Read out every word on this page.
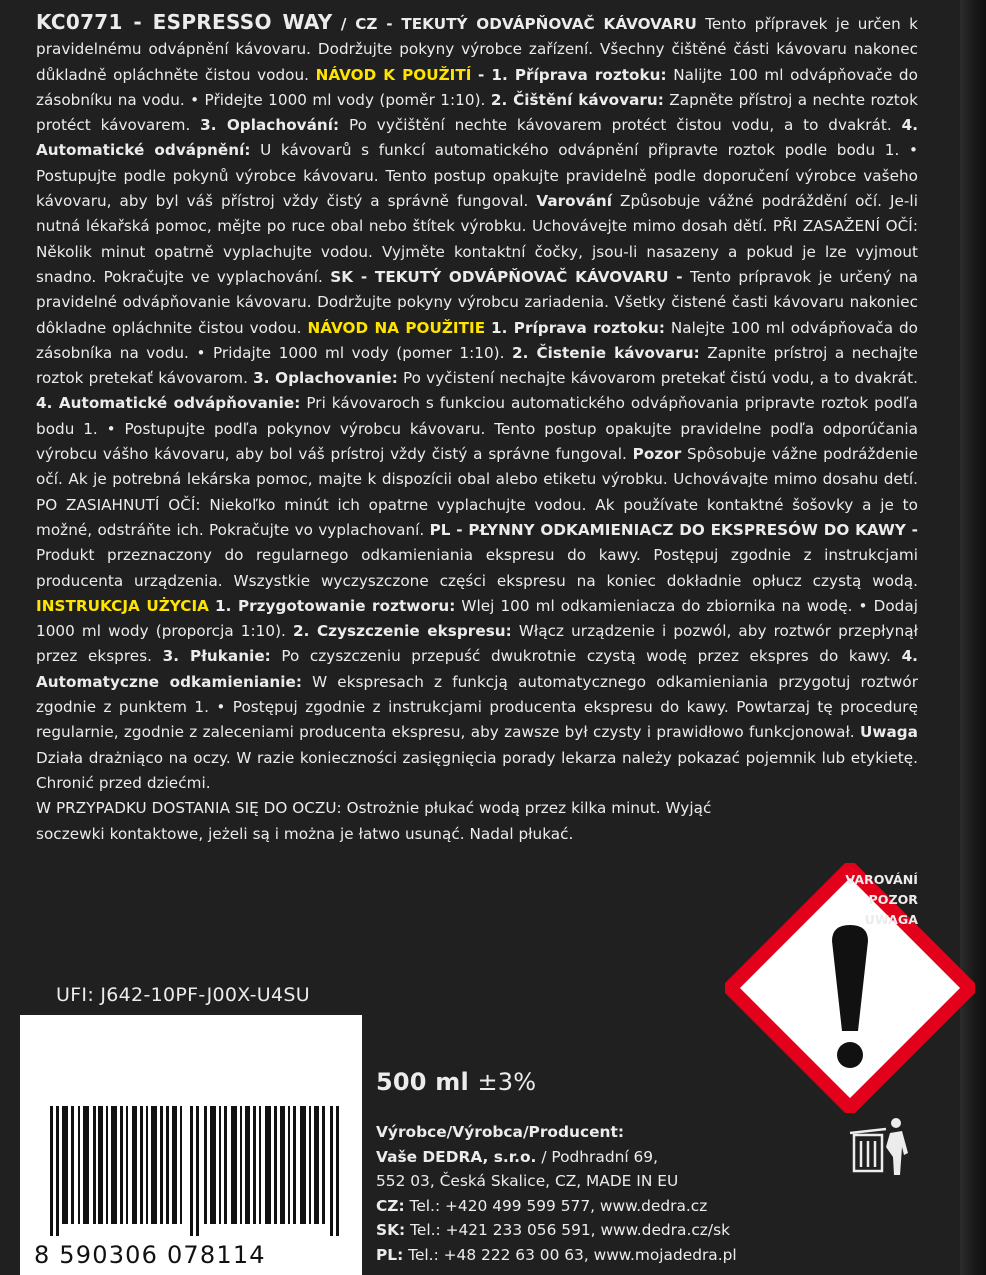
KC0771 - ESPRESSO WAY / CZ - TEKUTÝ ODVÁPŇOVAČ KÁVOVARU Tento přípravek je určen k pravidelnému odvápnění kávovaru. Dodržujte pokyny výrobce zařízení. Všechny čištěné části kávovaru nakonec důkladně opláchněte čistou vodou. NÁVOD K POUŽITÍ - 1. Příprava roztoku: Nalijte 100 ml odvápňovače do zásobníku na vodu. • Přidejte 1000 ml vody (poměr 1:10). 2. Čištění kávovaru: Zapněte přístroj a nechte roztok protéct kávovarem. 3. Oplachování: Po vyčištění nechte kávovarem protéct čistou vodu, a to dvakrát. 4. Automatické odvápnění: U kávovarů s funkcí automatického odvápnění připravte roztok podle bodu 1. • Postupujte podle pokynů výrobce kávovaru. Tento postup opakujte pravidelně podle doporučení výrobce vašeho kávovaru, aby byl váš přístroj vždy čistý a správně fungoval. Varování Způsobuje vážné podráždění očí. Je-li nutná lékařská pomoc, mějte po ruce obal nebo štítek výrobku. Uchovávejte mimo dosah dětí. PŘI ZASAŽENÍ OČÍ: Několik minut opatrně vyplachujte vodou. Vyjměte kontaktní čočky, jsou-li nasazeny a pokud je lze vyjmout snadno. Pokračujte ve vyplachování. SK - TEKUTÝ ODVÁPŇOVAČ KÁVOVARU - Tento prípravok je určený na pravidelné odvápňovanie kávovaru. Dodržujte pokyny výrobcu zariadenia. Všetky čistené časti kávovaru nakoniec dôkladne opláchnite čistou vodou. NÁVOD NA POUŽITIE 1. Príprava roztoku: Nalejte 100 ml odvápňovača do zásobníka na vodu. • Pridajte 1000 ml vody (pomer 1:10). 2. Čistenie kávovaru: Zapnite prístroj a nechajte roztok pretekať kávovarom. 3. Oplachovanie: Po vyčistení nechajte kávovarom pretekať čistú vodu, a to dvakrát. 4. Automatické odvápňovanie: Pri kávovaroch s funkciou automatického odvápňovania pripravte roztok podľa bodu 1. • Postupujte podľa pokynov výrobcu kávovaru. Tento postup opakujte pravidelne podľa odporúčania výrobcu vášho kávovaru, aby bol váš prístroj vždy čistý a správne fungoval. Pozor Spôsobuje vážne podráždenie očí. Ak je potrebná lekárska pomoc, majte k dispozícii obal alebo etiketu výrobku. Uchovávajte mimo dosahu detí. PO ZASIAHNUTÍ OČÍ: Niekoľko minút ich opatrne vyplachujte vodou. Ak používate kontaktné šošovky a je to možné, odstráňte ich. Pokračujte vo vyplachovaní. PL - PŁYNNY ODKAMIENIACZ DO EKSPRESÓW DO KAWY - Produkt przeznaczony do regularnego odkamieniania ekspresu do kawy. Postępuj zgodnie z instrukcjami producenta urządzenia. Wszystkie wyczyszczone części ekspresu na koniec dokładnie opłucz czystą wodą. INSTRUKCJA UŻYCIA 1. Przygotowanie roztworu: Wlej 100 ml odkamieniacza do zbiornika na wodę. • Dodaj 1000 ml wody (proporcja 1:10). 2. Czyszczenie ekspresu: Włącz urządzenie i pozwól, aby roztwór przepłynął przez ekspres. 3. Płukanie: Po czyszczeniu przepuść dwukrotnie czystą wodę przez ekspres do kawy. 4. Automatyczne odkamienianie: W ekspresach z funkcją automatycznego odkamieniania przygotuj roztwór zgodnie z punktem 1. • Postępuj zgodnie z instrukcjami producenta ekspresu do kawy. Powtarzaj tę procedurę regularnie, zgodnie z zaleceniami producenta ekspresu, aby zawsze był czysty i prawidłowo funkcjonował. Uwaga Działa drażniąco na oczy. W razie konieczności zasięgnięcia porady lekarza należy pokazać pojemnik lub etykietę. Chronić przed dziećmi.

W PRZYPADKU DOSTANIA SIĘ DO OCZU: Ostrożnie płukać wodą przez kilka minut. Wyjąć soczewki kontaktowe, jeżeli są i można je łatwo usunąć. Nadal płukać.

UFI: J642-10PF-J00X-U4SU
8 590306 078114
VAROVÁNÍ
POZOR
UWAGA
500 ml ±3%
Výrobce/Výrobca/Producent:
Vaše DEDRA, s.r.o. / Podhradní 69,
552 03, Česká Skalice, CZ, MADE IN EU
CZ: Tel.: +420 499 599 577, www.dedra.cz
SK: Tel.: +421 233 056 591, www.dedra.cz/sk
PL: Tel.: +48 222 63 00 63, www.mojadedra.pl
